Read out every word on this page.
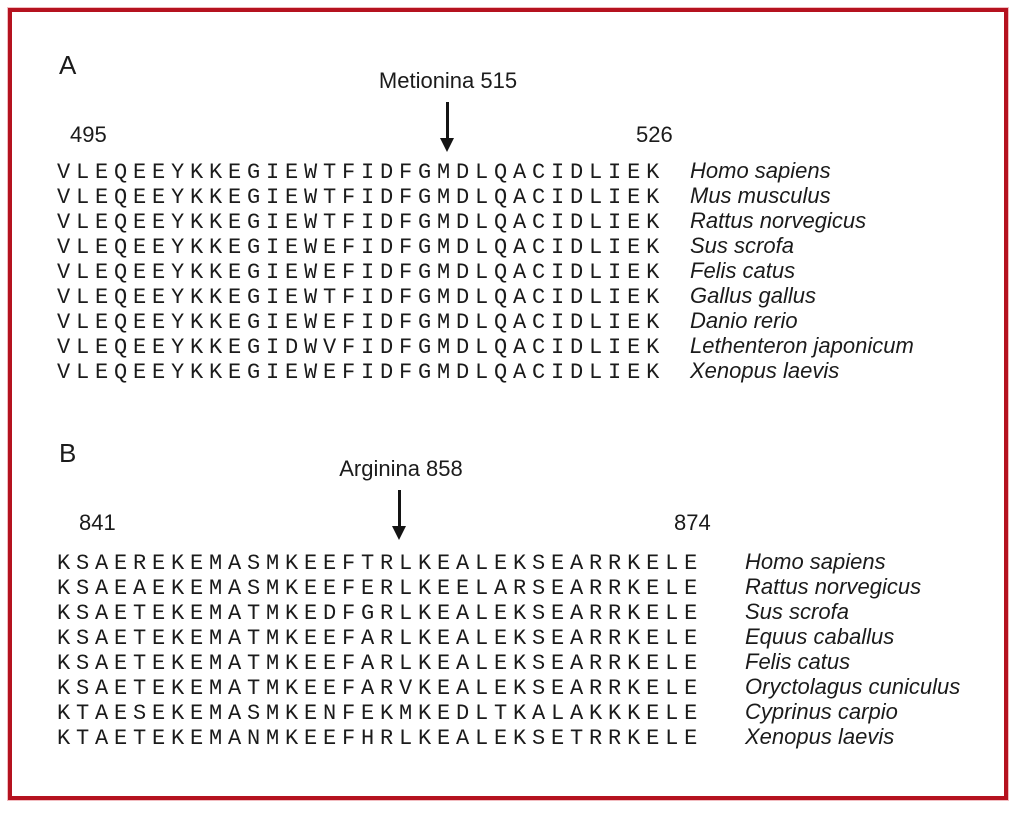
A
Metionina 515
495	526
VLEQEEYKKEGIEWTFIDFGMDLQACIDLIEK	Homo sapiens
VLEQEEYKKEGIEWTFIDFGMDLQACIDLIEK	Mus musculus
VLEQEEYKKEGIEWTFIDFGMDLQACIDLIEK	Rattus norvegicus
VLEQEEYKKEGIEWEFIDFGMDLQACIDLIEK	Sus scrofa
VLEQEEYKKEGIEWEFIDFGMDLQACIDLIEK	Felis catus
VLEQEEYKKEGIEWTFIDFGMDLQACIDLIEK	Gallus gallus
VLEQEEYKKEGIEWEFIDFGMDLQACIDLIEK	Danio rerio
VLEQEEYKKEGIDWVFIDFGMDLQACIDLIEK	Lethenteron japonicum
VLEQEEYKKEGIEWEFIDFGMDLQACIDLIEK	Xenopus laevis
B
Arginina 858
841	874
KSAEREKEMASMKEEFTRLKEALEKSEARRKELE	Homo sapiens
KSAEAEKEMASMKEEFERLKEELARSEARRKELE	Rattus norvegicus
KSAETEKEMATMKEDFGRLKEALEKSEARRKELE	Sus scrofa
KSAETEKEMATMKEEFARLKEALEKSEARRKELE	Equus caballus
KSAETEKEMATMKEEFARLKEALEKSEARRKELE	Felis catus
KSAETEKEMATMKEEFARVKEALEKSEARRKELE	Oryctolagus cuniculus
KTAESEKEMASMKENFEKMKEDLTKALAKKKELE	Cyprinus carpio
KTAETEKEMANMKEEFHRLKEALEKSETRRKELE	Xenopus laevis
